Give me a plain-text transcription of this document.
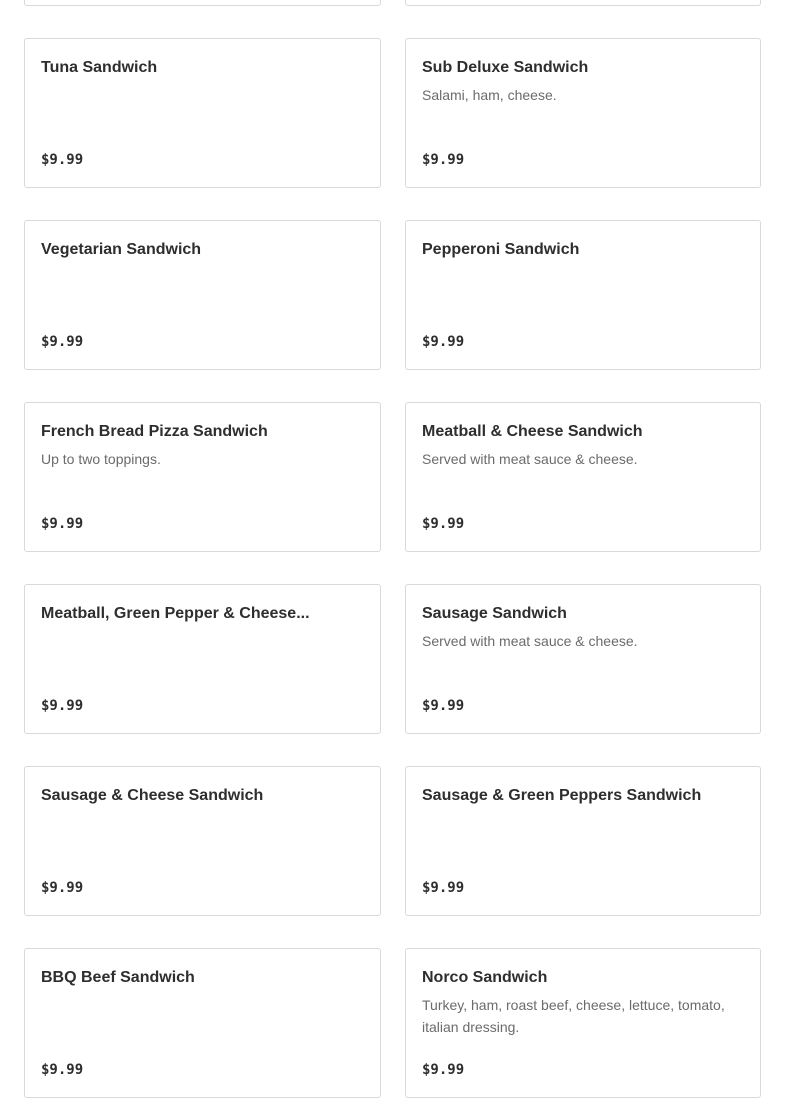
Tuna Sandwich
$9.99
Sub Deluxe Sandwich
Salami, ham, cheese.
$9.99
Vegetarian Sandwich
$9.99
Pepperoni Sandwich
$9.99
French Bread Pizza Sandwich
Up to two toppings.
$9.99
Meatball & Cheese Sandwich
Served with meat sauce & cheese.
$9.99
Meatball, Green Pepper & Cheese...
$9.99
Sausage Sandwich
Served with meat sauce & cheese.
$9.99
Sausage & Cheese Sandwich
$9.99
Sausage & Green Peppers Sandwich
$9.99
BBQ Beef Sandwich
$9.99
Norco Sandwich
Turkey, ham, roast beef, cheese, lettuce, tomato, italian dressing.
$9.99
